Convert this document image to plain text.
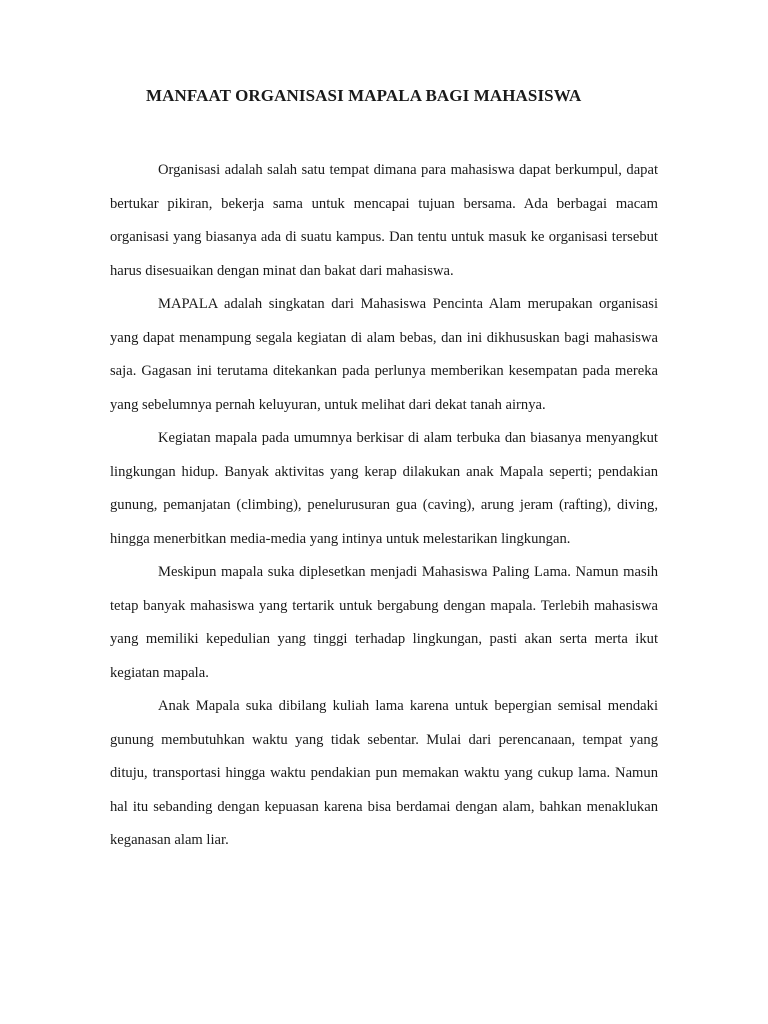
MANFAAT ORGANISASI MAPALA BAGI MAHASISWA

Organisasi adalah salah satu tempat dimana para mahasiswa dapat berkumpul, dapat bertukar pikiran, bekerja sama untuk mencapai tujuan bersama. Ada berbagai macam organisasi yang biasanya ada di suatu kampus. Dan tentu untuk masuk ke organisasi tersebut harus disesuaikan dengan minat dan bakat dari mahasiswa.

MAPALA adalah singkatan dari Mahasiswa Pencinta Alam merupakan organisasi yang dapat menampung segala kegiatan di alam bebas, dan ini dikhususkan bagi mahasiswa saja. Gagasan ini terutama ditekankan pada perlunya memberikan kesempatan pada mereka yang sebelumnya pernah keluyuran, untuk melihat dari dekat tanah airnya.

Kegiatan mapala pada umumnya berkisar di alam terbuka dan biasanya menyangkut lingkungan hidup. Banyak aktivitas yang kerap dilakukan anak Mapala seperti; pendakian gunung, pemanjatan (climbing), penelurusuran gua (caving), arung jeram (rafting), diving, hingga menerbitkan media-media yang intinya untuk melestarikan lingkungan.

Meskipun mapala suka diplesetkan menjadi Mahasiswa Paling Lama. Namun masih tetap banyak mahasiswa yang tertarik untuk bergabung dengan mapala. Terlebih mahasiswa yang memiliki kepedulian yang tinggi terhadap lingkungan, pasti akan serta merta ikut kegiatan mapala.

Anak Mapala suka dibilang kuliah lama karena untuk bepergian semisal mendaki gunung membutuhkan waktu yang tidak sebentar. Mulai dari perencanaan, tempat yang dituju, transportasi hingga waktu pendakian pun memakan waktu yang cukup lama. Namun hal itu sebanding dengan kepuasan karena bisa berdamai dengan alam, bahkan menaklukan keganasan alam liar.
